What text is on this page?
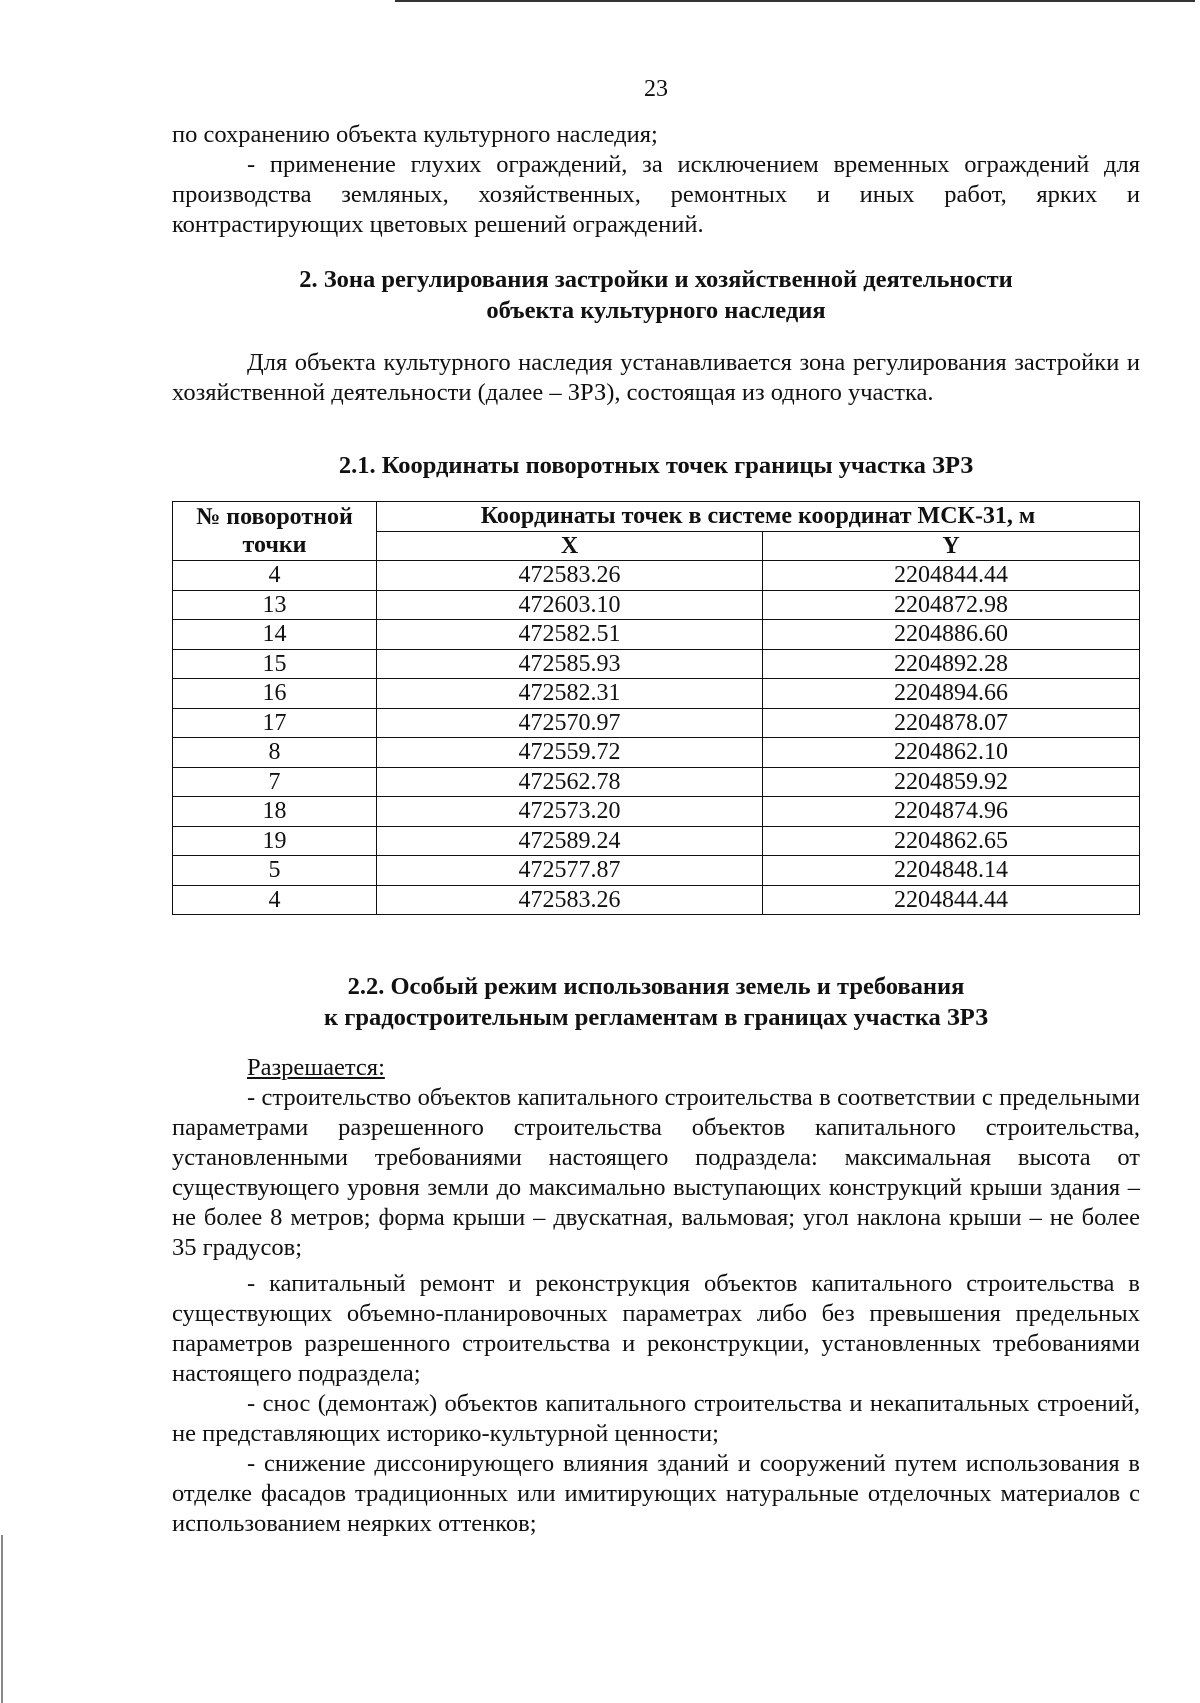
23

по сохранению объекта культурного наследия;

- применение глухих ограждений, за исключением временных ограждений для производства земляных, хозяйственных, ремонтных и иных работ, ярких и контрастирующих цветовых решений ограждений.

2. Зона регулирования застройки и хозяйственной деятельности
объекта культурного наследия

Для объекта культурного наследия устанавливается зона регулирования застройки и хозяйственной деятельности (далее – ЗРЗ), состоящая из одного участка.

2.1. Координаты поворотных точек границы участка ЗРЗ
№ поворотной
точки	Координаты точек в системе координат МСК-31, м	
	X	Y
4	472583.26	2204844.44
13	472603.10	2204872.98
14	472582.51	2204886.60
15	472585.93	2204892.28
16	472582.31	2204894.66
17	472570.97	2204878.07
8	472559.72	2204862.10
7	472562.78	2204859.92
18	472573.20	2204874.96
19	472589.24	2204862.65
5	472577.87	2204848.14
4	472583.26	2204844.44
2.2. Особый режим использования земель и требования
к градостроительным регламентам в границах участка ЗРЗ

Разрешается:

- строительство объектов капитального строительства в соответствии с предельными параметрами разрешенного строительства объектов капитального строительства, установленными требованиями настоящего подраздела: максимальная высота от существующего уровня земли до максимально выступающих конструкций крыши здания – не более 8 метров; форма крыши – двускатная, вальмовая; угол наклона крыши – не более 35 градусов;

- капитальный ремонт и реконструкция объектов капитального строительства в существующих объемно-планировочных параметрах либо без превышения предельных параметров разрешенного строительства и реконструкции, установленных требованиями настоящего подраздела;

- снос (демонтаж) объектов капитального строительства и некапитальных строений, не представляющих историко-культурной ценности;

- снижение диссонирующего влияния зданий и сооружений путем использования в отделке фасадов традиционных или имитирующих натуральные отделочных материалов с использованием неярких оттенков;
